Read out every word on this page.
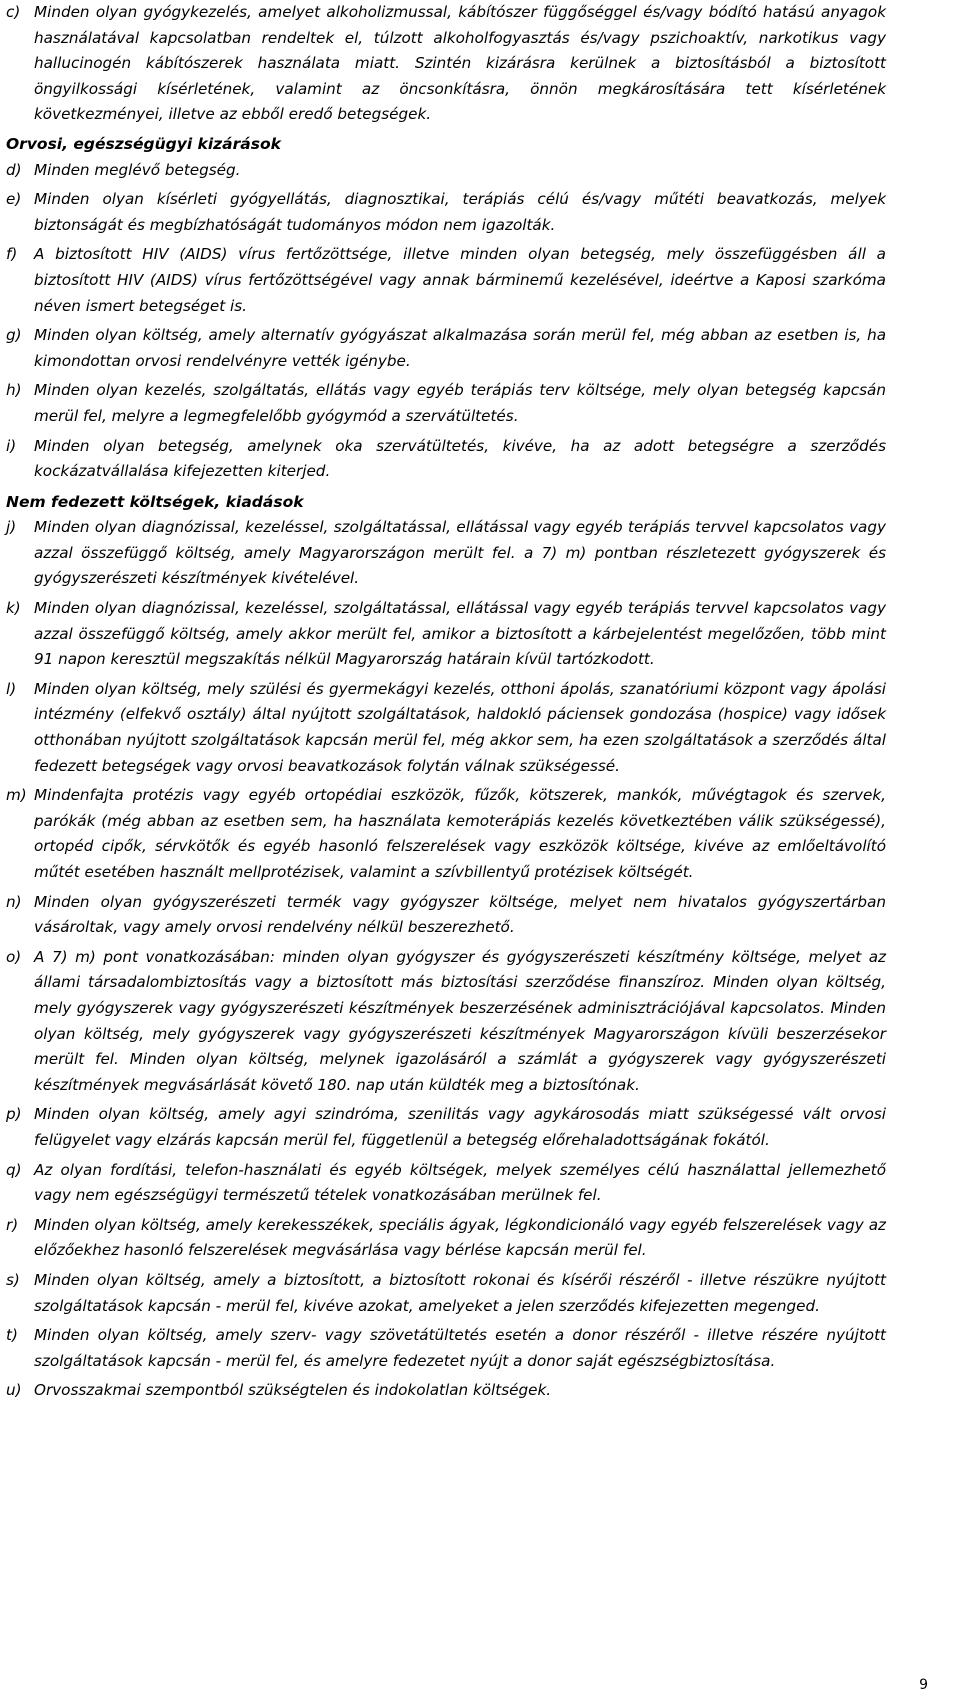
c) Minden olyan gyógykezelés, amelyet alkoholizmussal, kábítószer függőséggel és/vagy bódító hatású anyagok használatával kapcsolatban rendeltek el, túlzott alkoholfogyasztás és/vagy pszichoaktív, narkotikus vagy hallucinogén kábítószerek használata miatt. Szintén kizárásra kerülnek a biztosításból a biztosított öngyilkossági kísérletének, valamint az öncsonkításra, önnön megkárosítására tett kísérletének következményei, illetve az ebből eredő betegségek.
Orvosi, egészségügyi kizárások
d) Minden meglévő betegség.
e) Minden olyan kísérleti gyógyellátás, diagnosztikai, terápiás célú és/vagy műtéti beavatkozás, melyek biztonságát és megbízhatóságát tudományos módon nem igazolták.
f)	A biztosított HIV (AIDS) vírus fertőzöttsége, illetve minden olyan betegség, mely összefüggésben áll a biztosított HIV (AIDS) vírus fertőzöttségével vagy annak bárminemű kezelésével, ideértve a Kaposi szarkóma néven ismert betegséget is.
g) Minden olyan költség, amely alternatív gyógyászat alkalmazása során merül fel, még abban az esetben is, ha kimondottan orvosi rendelvényre vették igénybe.
h) Minden olyan kezelés, szolgáltatás, ellátás vagy egyéb terápiás terv költsége, mely olyan betegség kapcsán merül fel, melyre a legmegfelelőbb gyógymód a szervátültetés.
i)	Minden olyan betegség, amelynek oka szervátültetés, kivéve, ha az adott betegségre a szerződés kockázatvállalása kifejezetten kiterjed.
Nem fedezett költségek, kiadások
j)	Minden olyan diagnózissal, kezeléssel, szolgáltatással, ellátással vagy egyéb terápiás tervvel kapcsolatos vagy azzal összefüggő költség, amely Magyarországon merült fel. a 7) m) pontban részletezett gyógyszerek és gyógyszerészeti készítmények kivételével.
k) Minden olyan diagnózissal, kezeléssel, szolgáltatással, ellátással vagy egyéb terápiás tervvel kapcsolatos vagy azzal összefüggő költség, amely akkor merült fel, amikor a biztosított a kárbejelentést megelőzően, több mint 91 napon keresztül megszakítás nélkül Magyarország határain kívül tartózkodott.
l)	Minden olyan költség, mely szülési és gyermekágyi kezelés, otthoni ápolás, szanatóriumi központ vagy ápolási intézmény (elfekvő osztály) által nyújtott szolgáltatások, haldokló páciensek gondozása (hospice) vagy idősek otthonában nyújtott szolgáltatások kapcsán merül fel, még akkor sem, ha ezen szolgáltatások a szerződés által fedezett betegségek vagy orvosi beavatkozások folytán válnak szükségessé.
m) Mindenfajta protézis vagy egyéb ortopédiai eszközök, fűzők, kötszerek, mankók, művégtagok és szervek, parókák (még abban az esetben sem, ha használata kemoterápiás kezelés következtében válik szükségessé), ortopéd cipők, sérvkötők és egyéb hasonló felszerelések vagy eszközök költsége, kivéve az emlőeltávolító műtét esetében használt mellprotézisek, valamint a szívbillentyű protézisek költségét.
n) Minden olyan gyógyszerészeti termék vagy gyógyszer költsége, melyet nem hivatalos gyógyszertárban vásároltak, vagy amely orvosi rendelvény nélkül beszerezhető.
o) A 7) m) pont vonatkozásában: minden olyan gyógyszer és gyógyszerészeti készítmény költsége, melyet az állami társadalombiztosítás vagy a biztosított más biztosítási szerződése finanszíroz. Minden olyan költség, mely gyógyszerek vagy gyógyszerészeti készítmények beszerzésének adminisztrációjával kapcsolatos. Minden olyan költség, mely gyógyszerek vagy gyógyszerészeti készítmények Magyarországon kívüli beszerzésekor merült fel. Minden olyan költség, melynek igazolásáról a számlát a gyógyszerek vagy gyógyszerészeti készítmények megvásárlását követő 180. nap után küldték meg a biztosítónak.
p) Minden olyan költség, amely agyi szindróma, szenilitás vagy agykárosodás miatt szükségessé vált orvosi felügyelet vagy elzárás kapcsán merül fel, függetlenül a betegség előrehaladottságának fokától.
q) Az olyan fordítási, telefon-használati és egyéb költségek, melyek személyes célú használattal jellemezhető vagy nem egészségügyi természetű tételek vonatkozásában merülnek fel.
r)	Minden olyan költség, amely kerekesszékek, speciális ágyak, légkondicionáló vagy egyéb felszerelések vagy az előzőekhez hasonló felszerelések megvásárlása vagy bérlése kapcsán merül fel.
s) Minden olyan költség, amely a biztosított, a biztosított rokonai és kísérői részéről - illetve részükre nyújtott szolgáltatások kapcsán - merül fel, kivéve azokat, amelyeket a jelen szerződés kifejezetten megenged.
t)	Minden olyan költség, amely szerv- vagy szövetátültetés esetén a donor részéről - illetve részére nyújtott szolgáltatások kapcsán - merül fel, és amelyre fedezetet nyújt a donor saját egészségbiztosítása.
u) Orvosszakmai szempontból szükségtelen és indokolatlan költségek.
9
